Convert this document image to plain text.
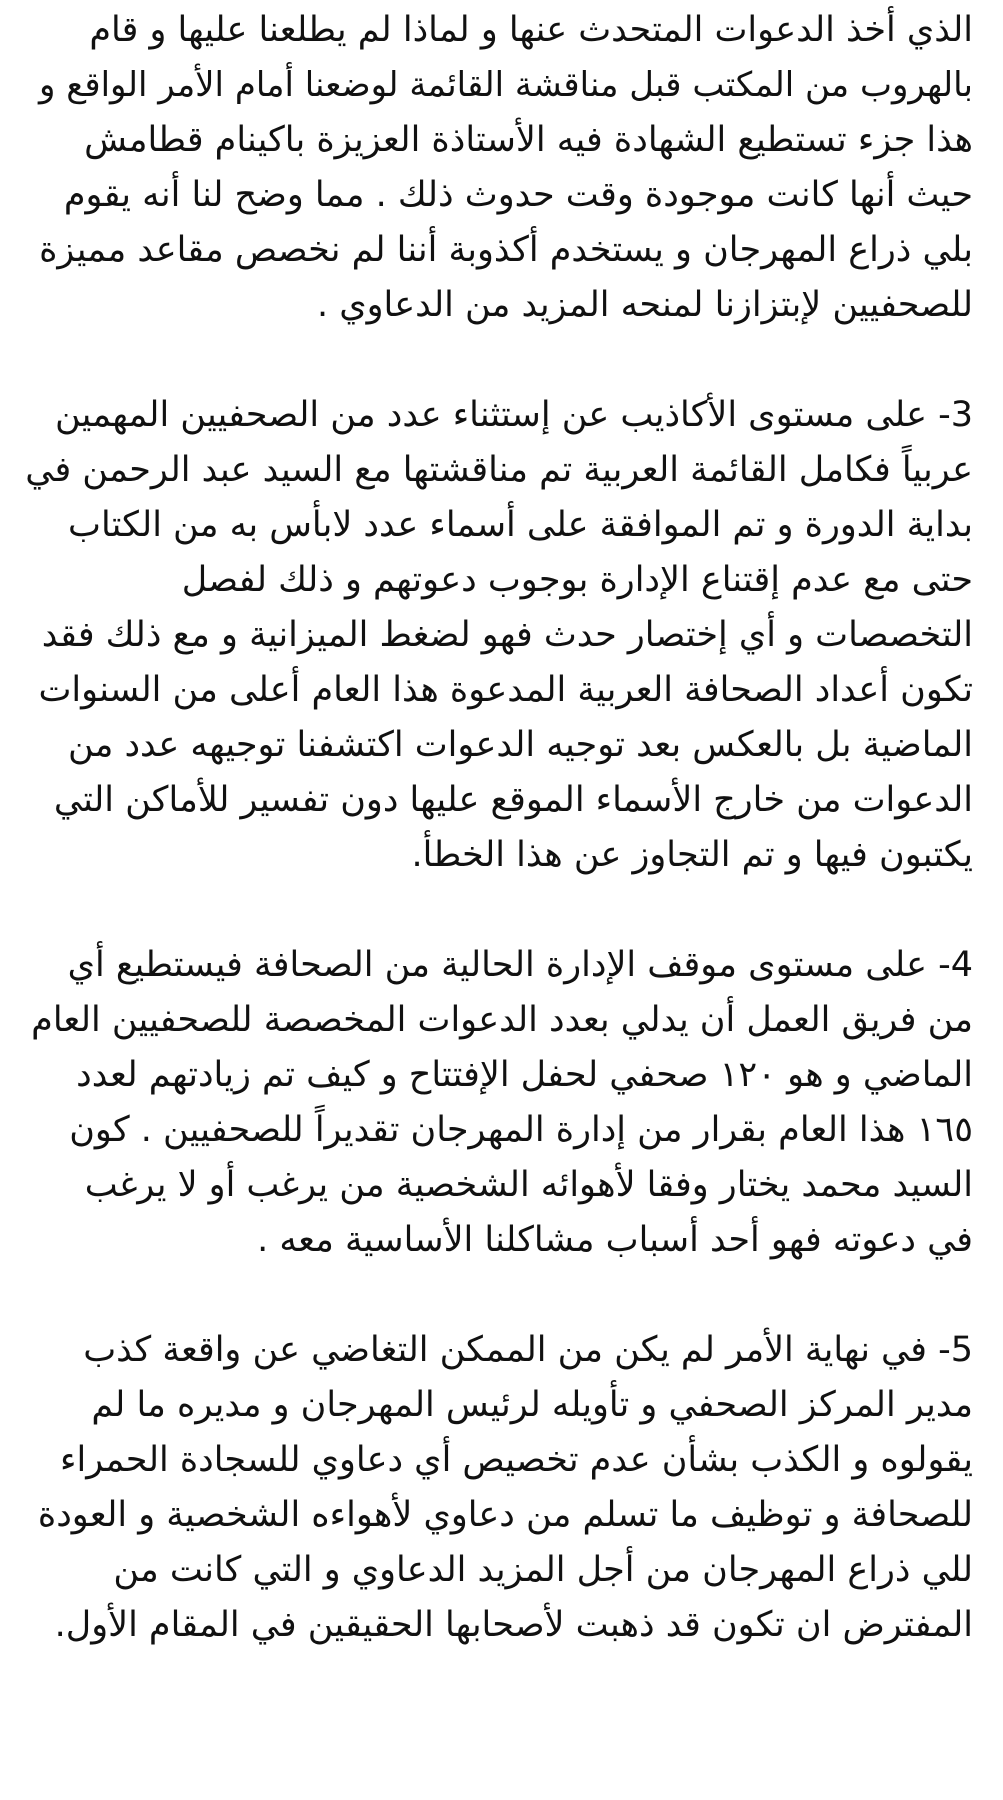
الذي أخذ الدعوات المتحدث عنها و لماذا لم يطلعنا عليها و قام
بالهروب من المكتب قبل مناقشة القائمة لوضعنا أمام الأمر الواقع و
هذا جزء تستطيع الشهادة فيه الأستاذة العزيزة باكينام قطامش
حيث أنها كانت موجودة وقت حدوث ذلك . مما وضح لنا أنه يقوم
بلي ذراع المهرجان و يستخدم أكذوبة أننا لم نخصص مقاعد مميزة
للصحفيين لإبتزازنا لمنحه المزيد من الدعاوي .
3- على مستوى الأكاذيب عن إستثناء عدد من الصحفيين المهمين
عربياً فكامل القائمة العربية تم مناقشتها مع السيد عبد الرحمن في
بداية الدورة و تم الموافقة على أسماء عدد لابأس به من الكتاب
حتى مع عدم إقتناع الإدارة بوجوب دعوتهم و ذلك لفصل
التخصصات و أي إختصار حدث فهو لضغط الميزانية و مع ذلك فقد
تكون أعداد الصحافة العربية المدعوة هذا العام أعلى من السنوات
الماضية بل بالعكس بعد توجيه الدعوات اكتشفنا توجيهه عدد من
الدعوات من خارج الأسماء الموقع عليها دون تفسير للأماكن التي
يكتبون فيها و تم التجاوز عن هذا الخطأ.
4- على مستوى موقف الإدارة الحالية من الصحافة فيستطيع أي
من فريق العمل أن يدلي بعدد الدعوات المخصصة للصحفيين العام
الماضي و هو ١٢٠ صحفي لحفل الإفتتاح و كيف تم زيادتهم لعدد
١٦٥ هذا العام بقرار من إدارة المهرجان تقديراً للصحفيين . كون
السيد محمد يختار وفقا لأهوائه الشخصية من يرغب أو لا يرغب
في دعوته فهو أحد أسباب مشاكلنا الأساسية معه .
5- في نهاية الأمر لم يكن من الممكن التغاضي عن واقعة كذب
مدير المركز الصحفي و تأويله لرئيس المهرجان و مديره ما لم
يقولوه و الكذب بشأن عدم تخصيص أي دعاوي للسجادة الحمراء
للصحافة و توظيف ما تسلم من دعاوي لأهواءه الشخصية و العودة
للي ذراع المهرجان من أجل المزيد الدعاوي و التي كانت من
المفترض ان تكون قد ذهبت لأصحابها الحقيقين في المقام الأول.
